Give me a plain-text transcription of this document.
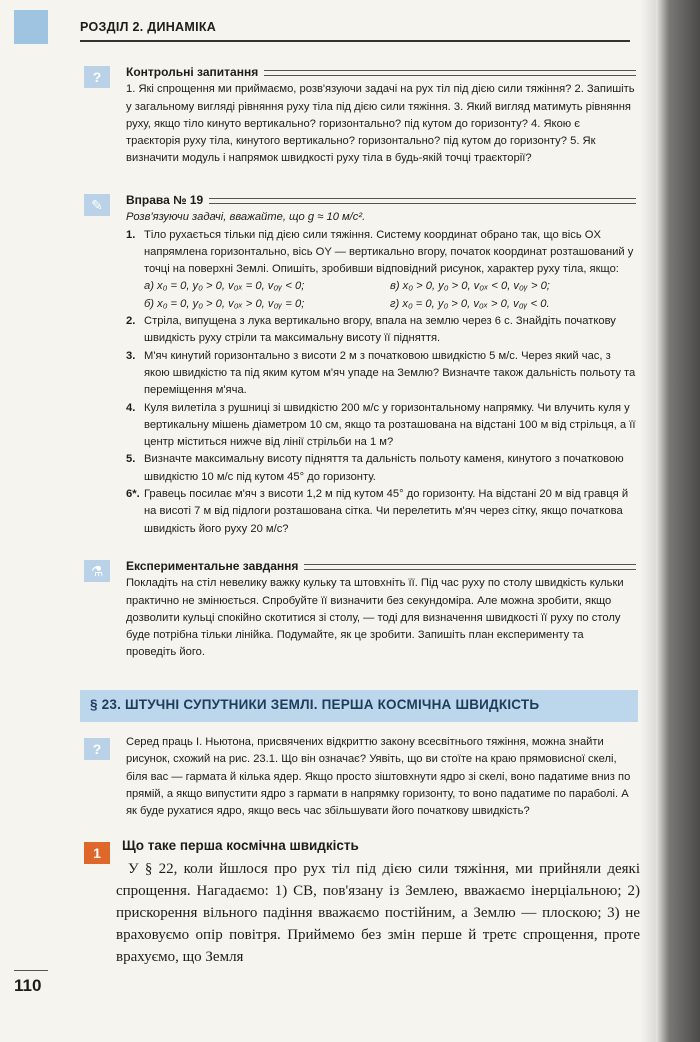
РОЗДІЛ 2. ДИНАМІКА
?	Контрольні запитання
1. Які спрощення ми приймаємо, розв'язуючи задачі на рух тіл під дією сили тяжіння? 2. Запишіть у загальному вигляді рівняння руху тіла під дією сили тяжіння. 3. Який вигляд матимуть рівняння руху, якщо тіло кинуто вертикально? горизонтально? під кутом до горизонту? 4. Якою є траєкторія руху тіла, кинутого вертикально? горизонтально? під кутом до горизонту? 5. Як визначити модуль і напрямок швидкості руху тіла в будь-якій точці траєкторії?
✎	Вправа № 19
Розв'язуючи задачі, вважайте, що g ≈ 10 м/с².
1. Тіло рухається тільки під дією сили тяжіння. Систему координат обрано так, що вісь OX напрямлена горизонтально, вісь OY — вертикально вгору, початок координат розташований у точці на поверхні Землі. Опишіть, зробивши відповідний рисунок, характер руху тіла, якщо:
а) x₀ = 0, y₀ > 0, v₀ₓ = 0, v₀ᵧ < 0;	в) x₀ > 0, y₀ > 0, v₀ₓ < 0, v₀ᵧ > 0;
б) x₀ = 0, y₀ > 0, v₀ₓ > 0, v₀ᵧ = 0;	г) x₀ = 0, y₀ > 0, v₀ₓ > 0, v₀ᵧ < 0.
2. Стріла, випущена з лука вертикально вгору, впала на землю через 6 с. Знайдіть початкову швидкість руху стріли та максимальну висоту її підняття.
3. М'яч кинутий горизонтально з висоти 2 м з початковою швидкістю 5 м/с. Через який час, з якою швидкістю та під яким кутом м'яч упаде на Землю? Визначте також дальність польоту та переміщення м'яча.
4. Куля вилетіла з рушниці зі швидкістю 200 м/с у горизонтальному напрямку. Чи влучить куля у вертикальну мішень діаметром 10 см, якщо та розташована на відстані 100 м від стрільця, а її центр міститься нижче від лінії стрільби на 1 м?
5. Визначте максимальну висоту підняття та дальність польоту каменя, кинутого з початковою швидкістю 10 м/с під кутом 45° до горизонту.
6*. Гравець посилає м'яч з висоти 1,2 м під кутом 45° до горизонту. На відстані 20 м від гравця й на висоті 7 м від підлоги розташована сітка. Чи перелетить м'яч через сітку, якщо початкова швидкість його руху 20 м/с?
⚗	Експериментальне завдання
Покладіть на стіл невелику важку кульку та штовхніть її. Під час руху по столу швидкість кульки практично не змінюється. Спробуйте її визначити без секундоміра. Але можна зробити, якщо дозволити кульці спокійно скотитися зі столу, — тоді для визначення швидкості її руху по столу буде потрібна тільки лінійка. Подумайте, як це зробити. Запишіть план експерименту та проведіть його.
§ 23. ШТУЧНІ СУПУТНИКИ ЗЕМЛІ. ПЕРША КОСМІЧНА ШВИДКІСТЬ
?	Серед праць І. Ньютона, присвячених відкриттю закону всесвітнього тяжіння, можна знайти рисунок, схожий на рис. 23.1. Що він означає? Уявіть, що ви стоїте на краю прямовисної скелі, біля вас — гармата й кілька ядер. Якщо просто зіштовхнути ядро зі скелі, воно падатиме вниз по прямій, а якщо випустити ядро з гармати в напрямку горизонту, то воно падатиме по параболі. А як буде рухатися ядро, якщо весь час збільшувати його початкову швидкість?
1	Що таке перша космічна швидкість

У § 22, коли йшлося про рух тіл під дією сили тяжіння, ми прийняли деякі спрощення. Нагадаємо: 1) СВ, пов'язану із Землею, вважаємо інерціальною; 2) прискорення вільного падіння вважаємо постійним, а Землю — плоскою; 3) не враховуємо опір повітря. Приймемо без змін перше й третє спрощення, проте врахуємо, що Земля

110
